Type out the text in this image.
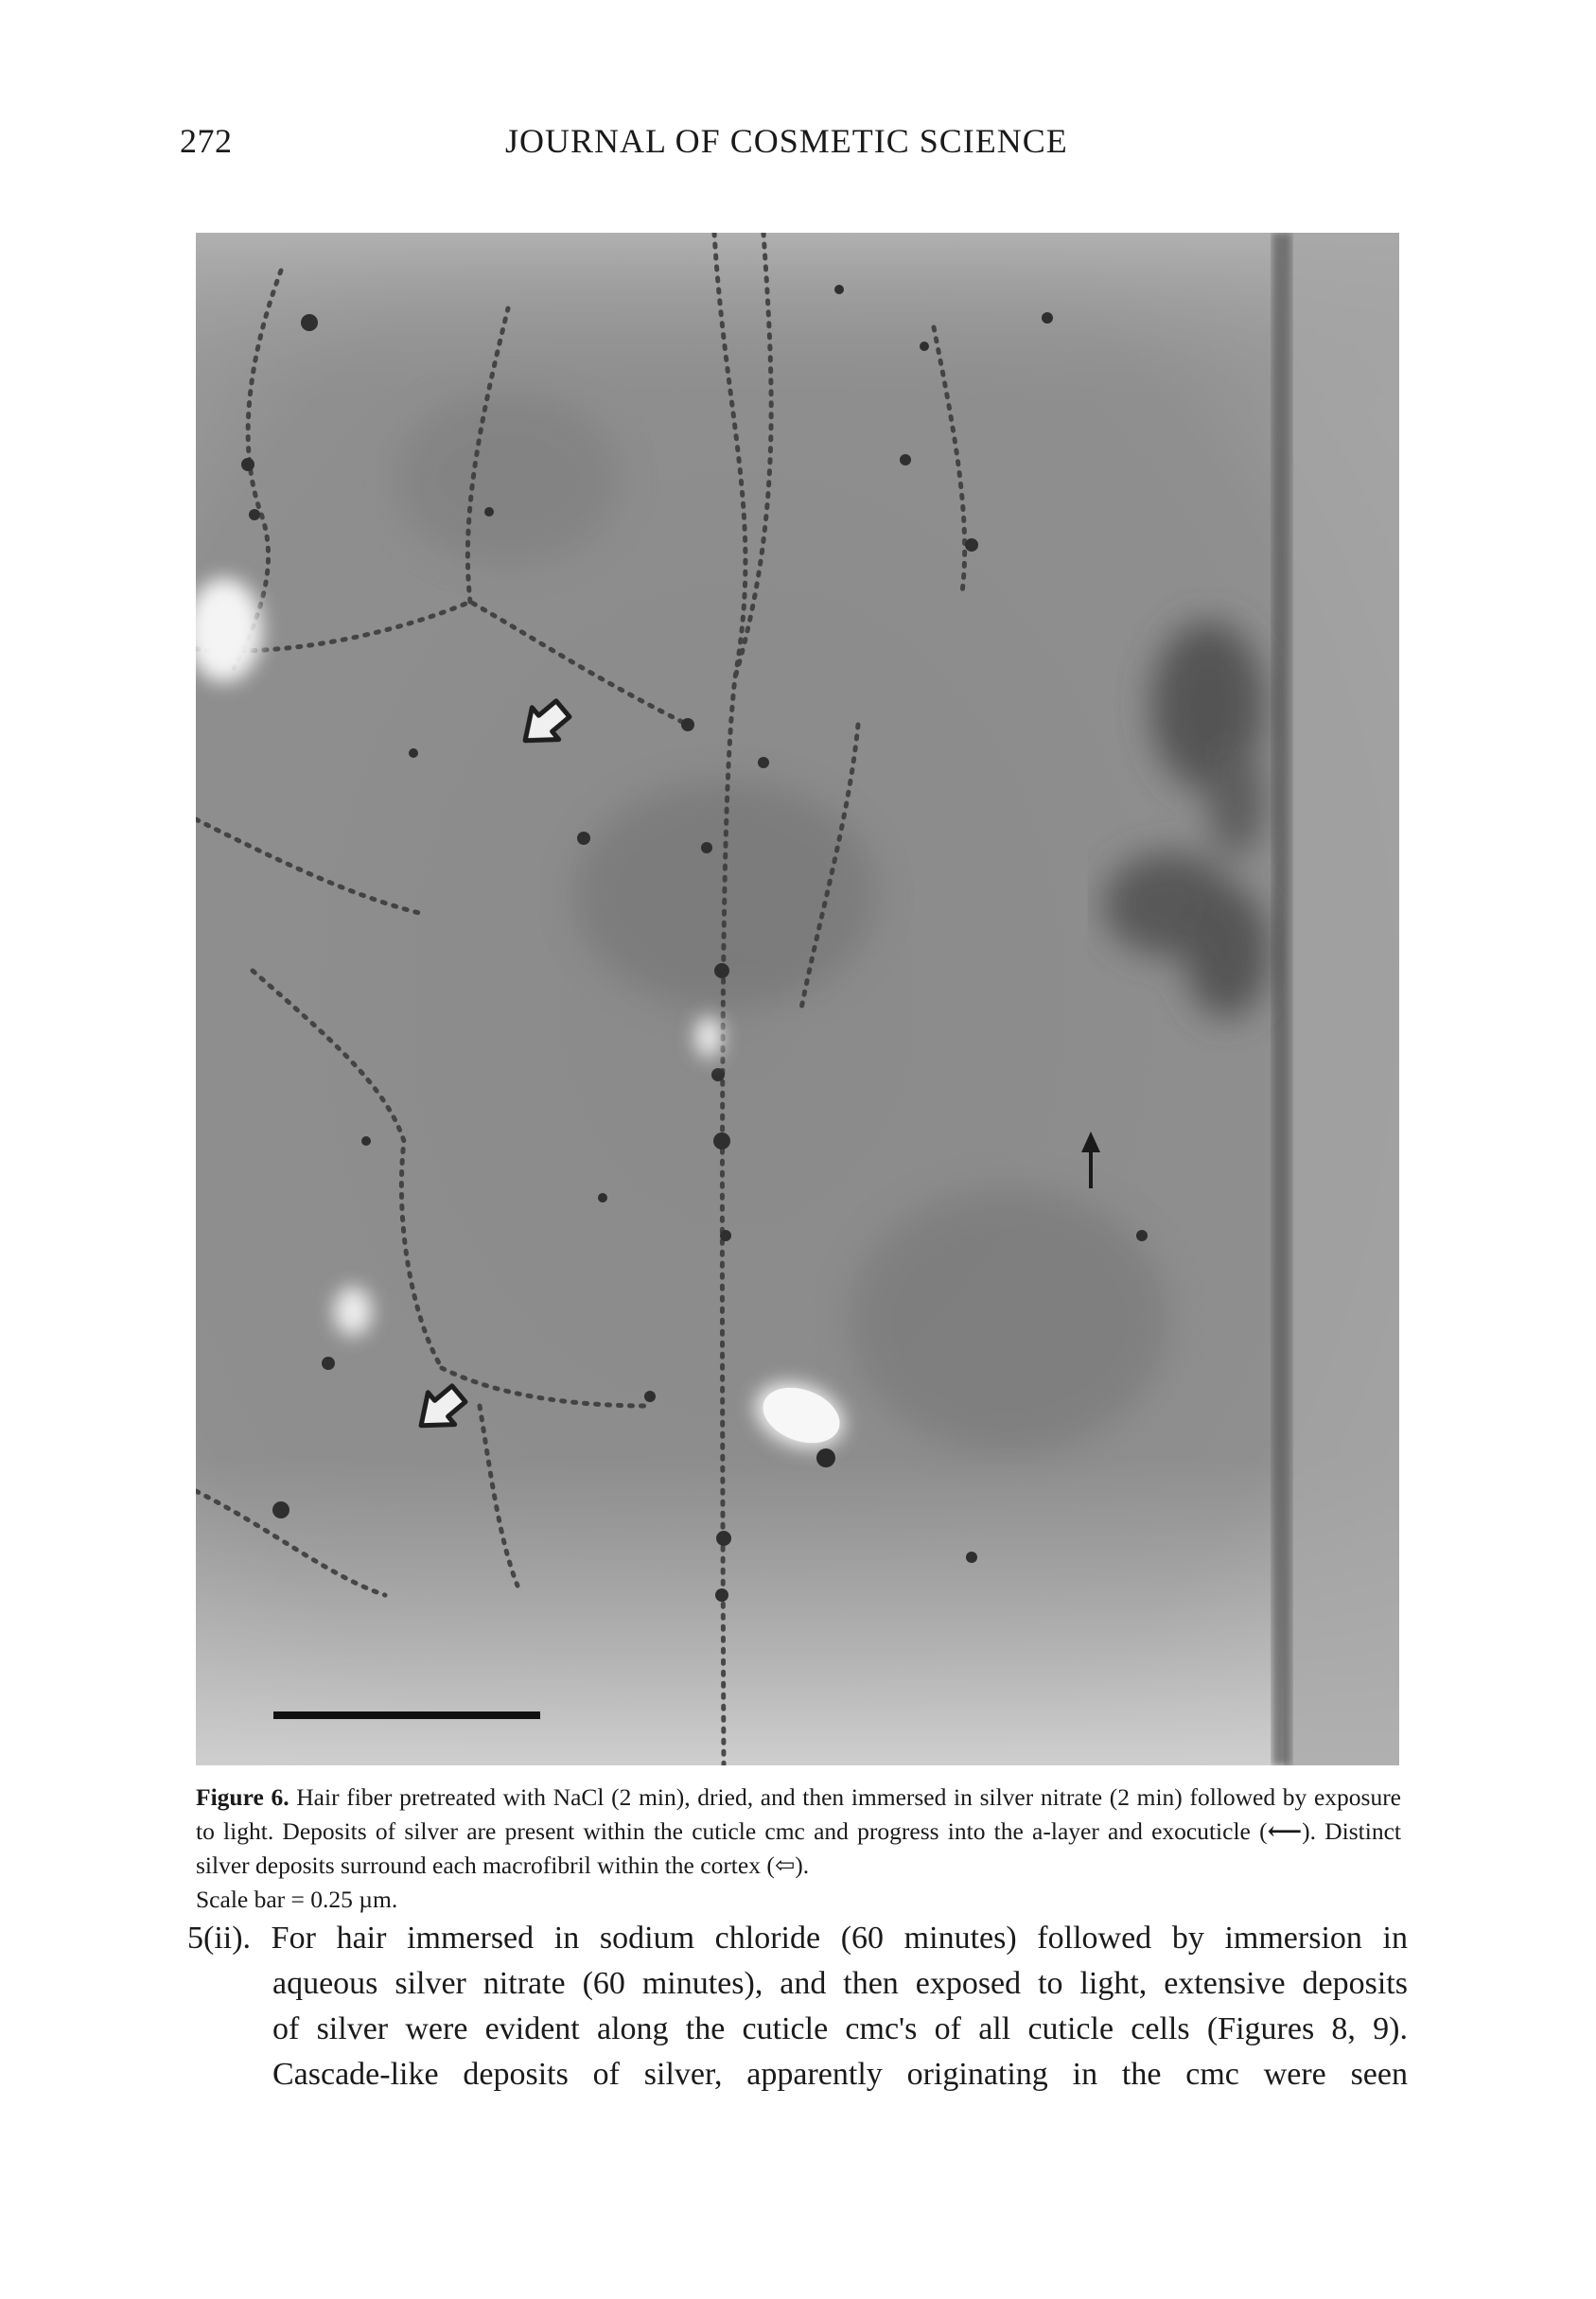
272	JOURNAL OF COSMETIC SCIENCE
Figure 6. Hair fiber pretreated with NaCl (2 min), dried, and then immersed in silver nitrate (2 min) followed by exposure to light. Deposits of silver are present within the cuticle cmc and progress into the a-layer and exocuticle (⟵). Distinct silver deposits surround each macrofibril within the cortex (⇦).
Scale bar = 0.25 µm.
5(ii). For hair immersed in sodium chloride (60 minutes) followed by immersion in
aqueous silver nitrate (60 minutes), and then exposed to light, extensive deposits
of silver were evident along the cuticle cmc's of all cuticle cells (Figures 8, 9).
Cascade-like deposits of silver, apparently originating in the cmc were seen
